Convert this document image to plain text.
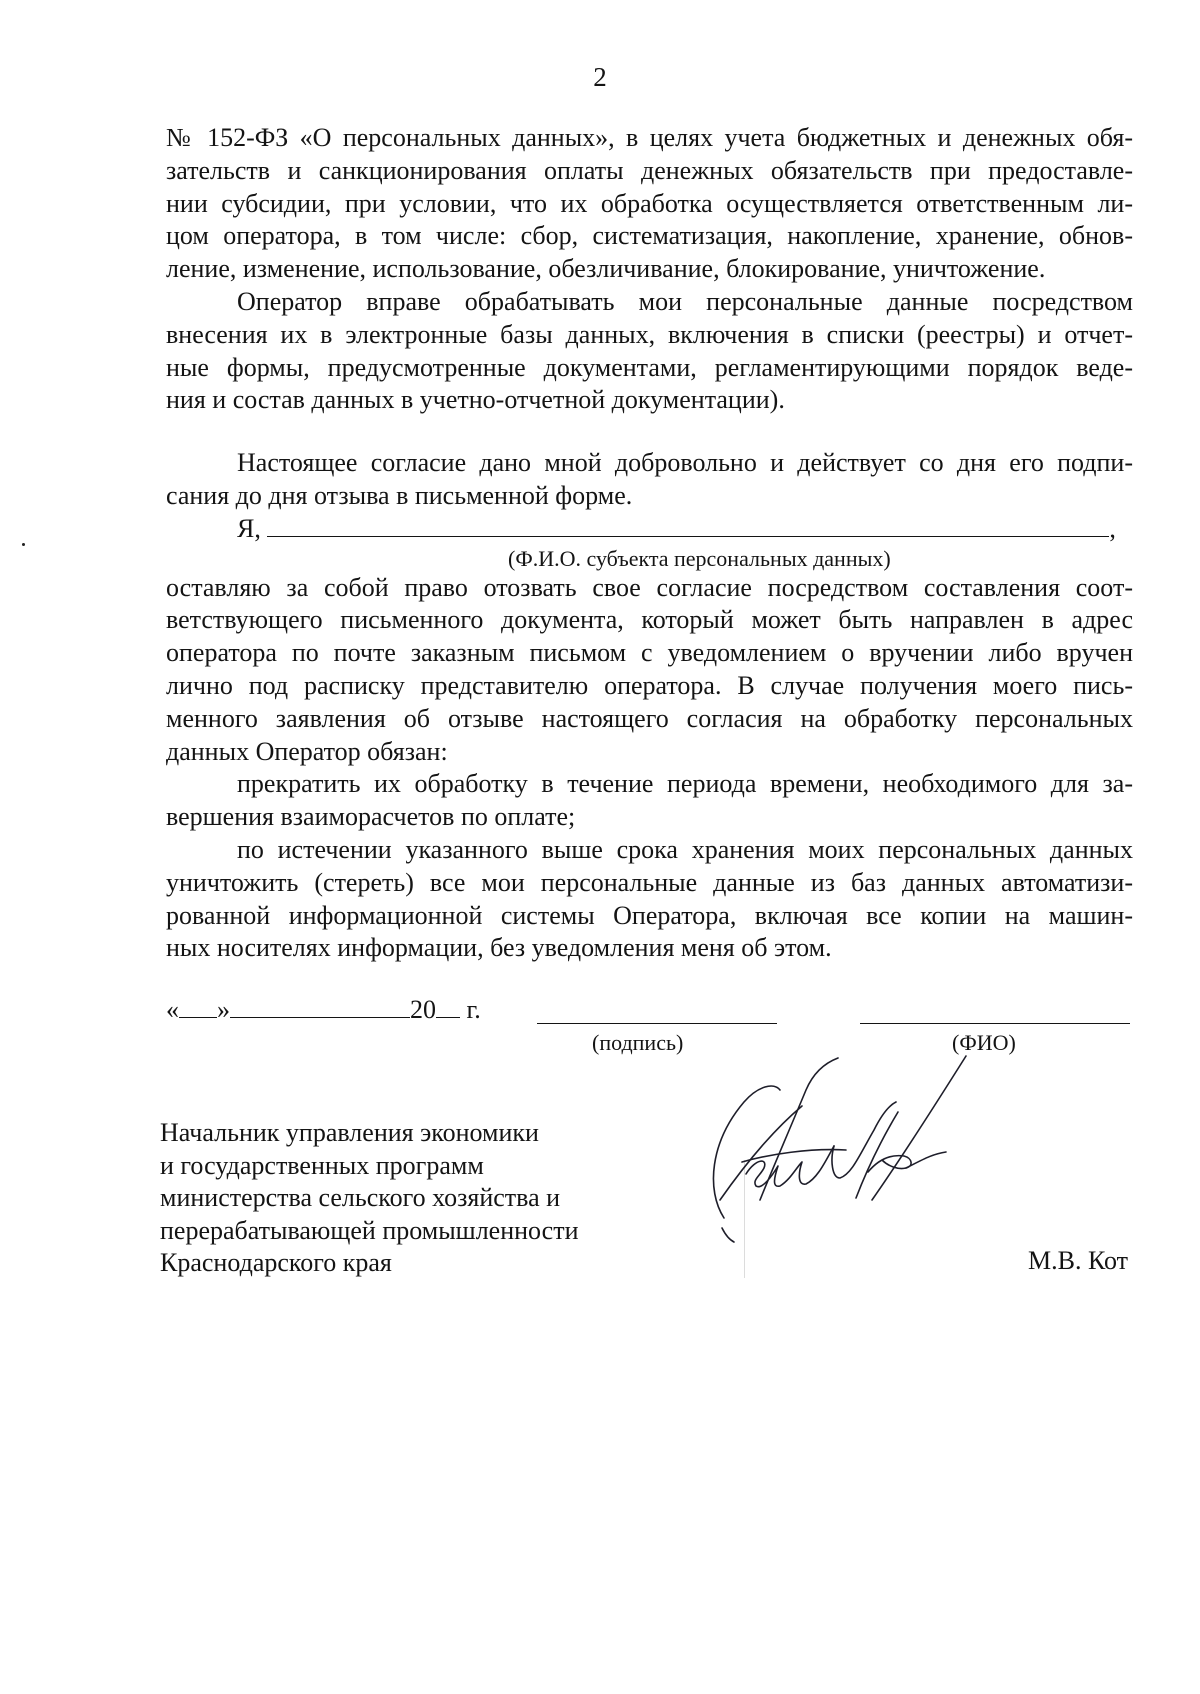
2
№ 152-ФЗ «О персональных данных», в целях учета бюджетных и денежных обя-
зательств и санкционирования оплаты денежных обязательств при предоставле-
нии субсидии, при условии, что их обработка осуществляется ответственным ли-
цом оператора, в том числе: сбор, систематизация, накопление, хранение, обнов-
ление, изменение, использование, обезличивание, блокирование, уничтожение.
Оператор вправе обрабатывать мои персональные данные посредством
внесения их в электронные базы данных, включения в списки (реестры) и отчет-
ные формы, предусмотренные документами, регламентирующими порядок веде-
ния и состав данных в учетно-отчетной документации).
Настоящее согласие дано мной добровольно и действует со дня его подпи-
сания до дня отзыва в письменной форме.
Я,	,
(Ф.И.О. субъекта персональных данных)
оставляю за собой право отозвать свое согласие посредством составления соот-
ветствующего письменного документа, который может быть направлен в адрес
оператора по почте заказным письмом с уведомлением о вручении либо вручен
лично под расписку представителю оператора. В случае получения моего пись-
менного заявления об отзыве настоящего согласия на обработку персональных
данных Оператор обязан:
прекратить их обработку в течение периода времени, необходимого для за-
вершения взаиморасчетов по оплате;
по истечении указанного выше срока хранения моих персональных данных
уничтожить (стереть) все мои персональные данные из баз данных автоматизи-
рованной информационной системы Оператора, включая все копии на машин-
ных носителях информации, без уведомления меня об этом.
« »	20 г.
(подпись)	(ФИО)
Начальник управления экономики
и государственных программ
министерства сельского хозяйства и
перерабатывающей промышленности
Краснодарского края	М.В. Кот
